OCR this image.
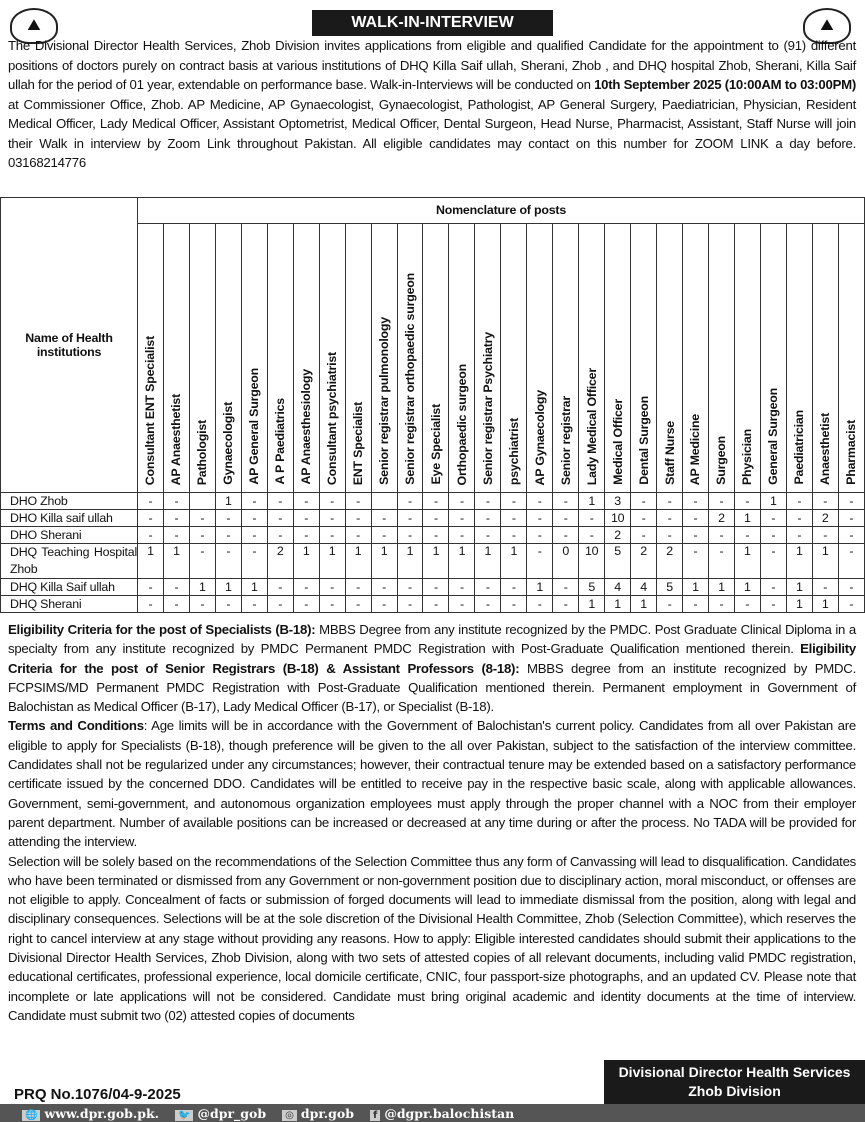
⛰	⛰
WALK-IN-INTERVIEW
The Divisional Director Health Services, Zhob Division invites applications from eligible and qualified Candidate for the appointment to (91) different positions of doctors purely on contract basis at various institutions of DHQ Killa Saif ullah, Sherani, Zhob , and DHQ hospital Zhob, Sherani, Killa Saif ullah for the period of 01 year, extendable on performance base. Walk-in-Interviews will be conducted on 10th September 2025 (10:00AM to 03:00PM) at Commissioner Office, Zhob. AP Medicine, AP Gynaecologist, Gynaecologist, Pathologist, AP General Surgery, Paediatrician, Physician, Resident Medical Officer, Lady Medical Officer, Assistant Optometrist, Medical Officer, Dental Surgeon, Head Nurse, Pharmacist, Assistant, Staff Nurse will join their Walk in interview by Zoom Link throughout Pakistan. All eligible candidates may contact on this number for ZOOM LINK a day before. 03168214776
Name of Health institutions	Nomenclature of posts																											
	Consultant ENT Specialist	AP Anaesthetist	Pathologist	Gynaecologist	AP General Surgeon	A P Paediatrics	AP Anaesthesiology	Consultant psychiatrist	ENT Specialist	Senior registrar pulmonology	Senior registrar orthopaedic surgeon	Eye Specialist	Orthopaedic surgeon	Senior registrar Psychiatry	psychiatrist	AP Gynaecology	Senior registrar	Lady Medical Officer	Medical Officer	Dental Surgeon	Staff Nurse	AP Medicine	Surgeon	Physician	General Surgeon	Paediatrician	Anaesthetist	Pharmacist
DHO Zhob	-	-		1	-	-	-	-	-		-	-	-	-	-	-	-	1	3	-	-	-	-	-	1	-	-	-
DHO Killa saif ullah	-	-	-	-	-	-	-	-	-	-	-	-	-	-	-	-	-	-	10	-	-	-	2	1	-	-	2	-
DHO Sherani	-	-	-	-	-	-	-	-	-	-	-	-	-	-	-	-	-	-	2	-	-	-	-	-	-	-	-	-
DHQ Teaching Hospital Zhob	1	1	-	-	-	2	1	1	1	1	1	1	1	1	1	-	0	10	5	2	2	-	-	1	-	1	1	-
DHQ Killa Saif ullah	-	-	1	1	1	-	-	-	-	-	-	-	-	-	-	1	-	5	4	4	5	1	1	1	-	1	-	-
DHQ Sherani	-	-	-	-	-	-	-	-	-	-	-	-	-	-	-	-	-	1	1	1	-	-	-	-	-	1	1	-
Eligibility Criteria for the post of Specialists (B-18): MBBS Degree from any institute recognized by the PMDC. Post Graduate Clinical Diploma in a specialty from any institute recognized by PMDC Permanent PMDC Registration with Post-Graduate Qualification mentioned therein. Eligibility Criteria for the post of Senior Registrars (B-18) & Assistant Professors (8-18): MBBS degree from an institute recognized by PMDC. FCPSIMS/MD Permanent PMDC Registration with Post-Graduate Qualification mentioned therein. Permanent employment in Government of Balochistan as Medical Officer (B-17), Lady Medical Officer (B-17), or Specialist (B-18).
Terms and Conditions: Age limits will be in accordance with the Government of Balochistan's current policy. Candidates from all over Pakistan are eligible to apply for Specialists (B-18), though preference will be given to the all over Pakistan, subject to the satisfaction of the interview committee. Candidates shall not be regularized under any circumstances; however, their contractual tenure may be extended based on a satisfactory performance certificate issued by the concerned DDO. Candidates will be entitled to receive pay in the respective basic scale, along with applicable allowances. Government, semi-government, and autonomous organization employees must apply through the proper channel with a NOC from their employer parent department. Number of available positions can be increased or decreased at any time during or after the process. No TADA will be provided for attending the interview.
Selection will be solely based on the recommendations of the Selection Committee thus any form of Canvassing will lead to disqualification. Candidates who have been terminated or dismissed from any Government or non-government position due to disciplinary action, moral misconduct, or offenses are not eligible to apply. Concealment of facts or submission of forged documents will lead to immediate dismissal from the position, along with legal and disciplinary consequences. Selections will be at the sole discretion of the Divisional Health Committee, Zhob (Selection Committee), which reserves the right to cancel interview at any stage without providing any reasons. How to apply: Eligible interested candidates should submit their applications to the Divisional Director Health Services, Zhob Division, along with two sets of attested copies of all relevant documents, including valid PMDC registration, educational certificates, professional experience, local domicile certificate, CNIC, four passport-size photographs, and an updated CV. Please note that incomplete or late applications will not be considered. Candidate must bring original academic and identity documents at the time of interview. Candidate must submit two (02) attested copies of documents
PRQ No.1076/04-9-2025
Divisional Director Health Services
Zhob Division
🌐 www.dpr.gob.pk.	🐦 @dpr_gob	◎ dpr.gob	f @dgpr.balochistan
